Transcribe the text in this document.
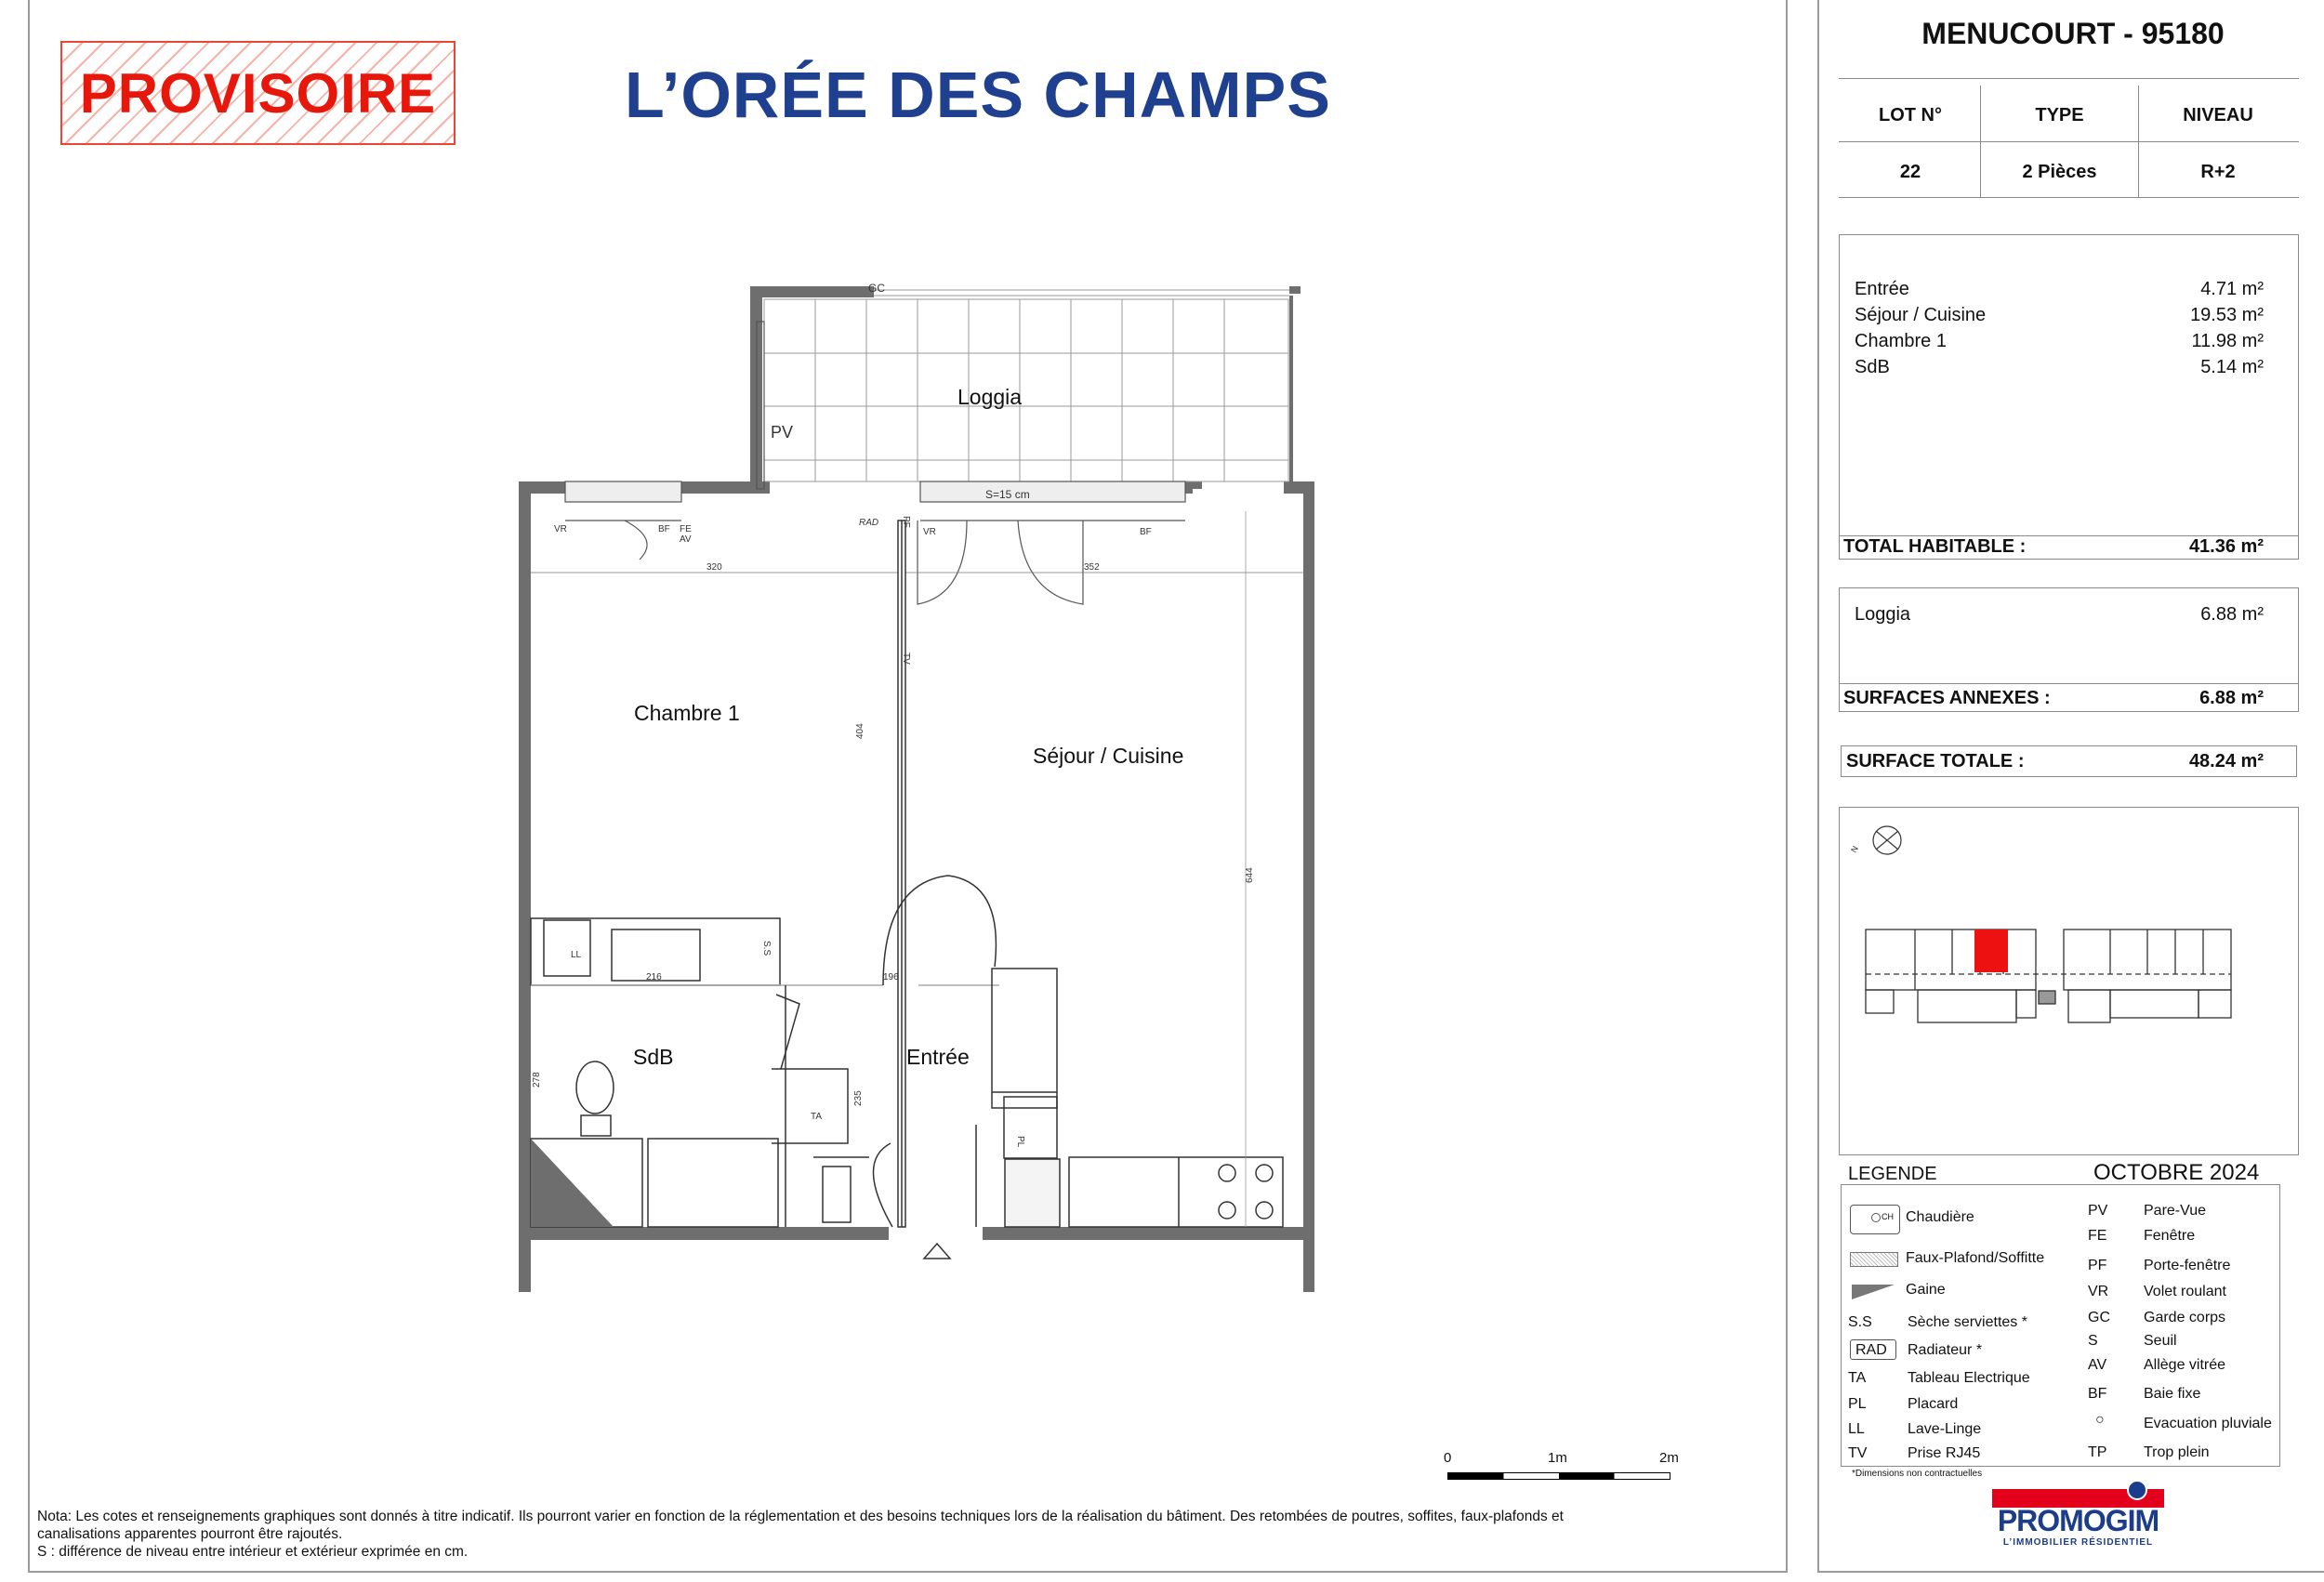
PROVISOIRE	L’ORÉE DES CHAMPS
GC
PV
S=15 cm
VR	BF FE
AV
RAD PF
VR	BF
TV
S.S
LL
TA
PL
320	352
404
644
216	196
278
235
Loggia
Chambre 1
Séjour / Cuisine
SdB	Entrée
0	1m	2m
Nota: Les cotes et renseignements graphiques sont donnés à titre indicatif. Ils pourront varier en fonction de la réglementation et des besoins techniques lors de la réalisation du bâtiment. Des retombées de poutres, soffites, faux-plafonds et
canalisations apparentes pourront être rajoutés.
S : différence de niveau entre intérieur et extérieur exprimée en cm.
MENUCOURT - 95180
LOT N°	TYPE	NIVEAU
22	2 Pièces	R+2
Entrée	4.71 m²
Séjour / Cuisine	19.53 m²
Chambre 1	11.98 m²
SdB	5.14 m²
TOTAL HABITABLE :	41.36 m²
Loggia	6.88 m²
SURFACES ANNEXES :	6.88 m²
SURFACE TOTALE :	48.24 m²
N
LEGENDE	OCTOBRE 2024
CH Chaudière
Faux-Plafond/Soffitte
Gaine
S.S Sèche serviettes *
RAD Radiateur *
TA	Tableau Electrique
PL	Placard
LL	Lave-Linge
TV	Prise RJ45
PV Pare-Vue
FE Fenêtre
PF Porte-fenêtre
VR Volet roulant
GC Garde corps
S	Seuil
AV Allège vitrée
BF Baie fixe
○	Evacuation pluviale
TP Trop plein
*Dimensions non contractuelles
PROMOGIM
L’IMMOBILIER RÉSIDENTIEL
